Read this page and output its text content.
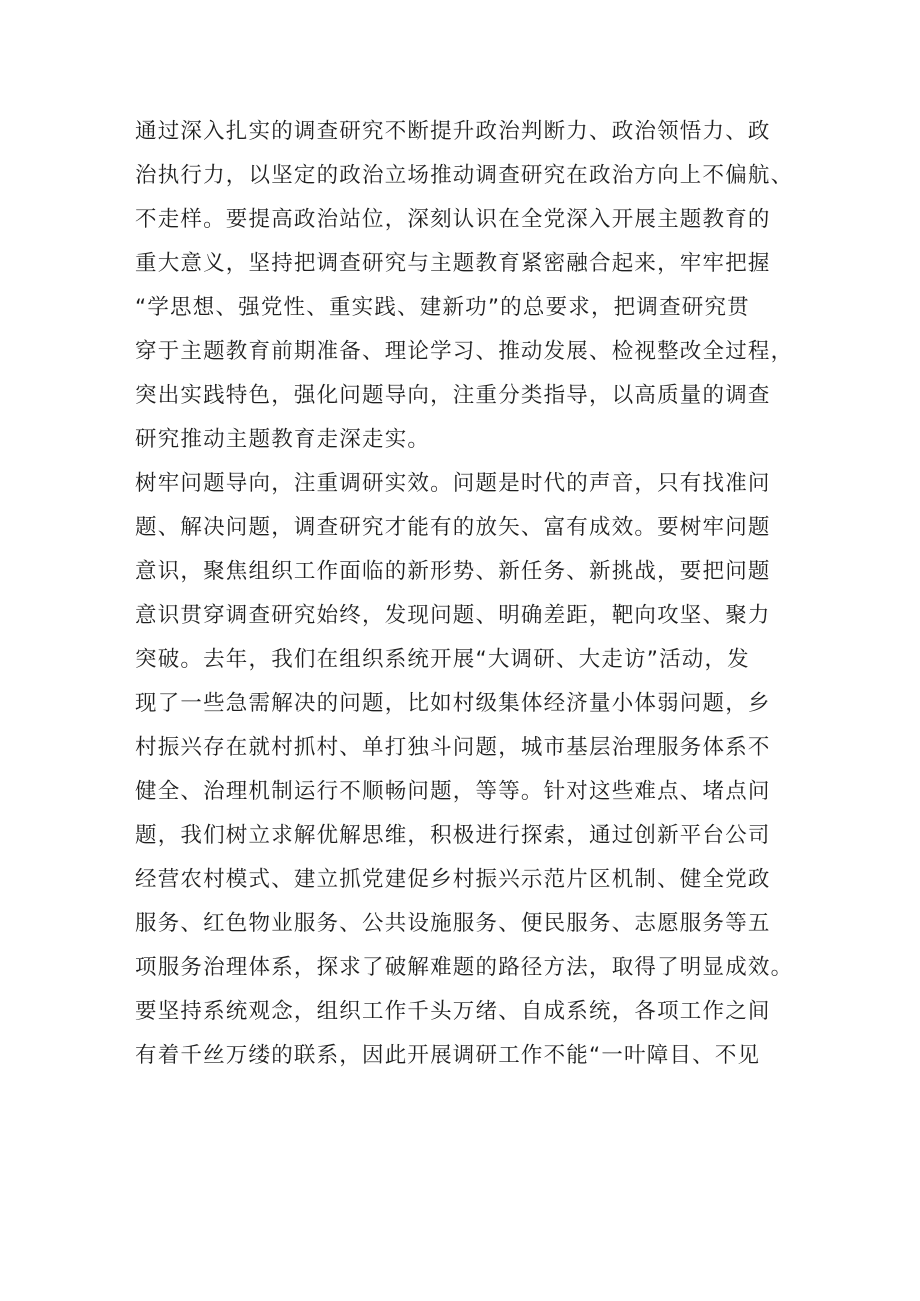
通过深入扎实的调查研究不断提升政治判断力、政治领悟力、政
治执行力，以坚定的政治立场推动调查研究在政治方向上不偏航、
不走样。要提高政治站位，深刻认识在全党深入开展主题教育的
重大意义，坚持把调查研究与主题教育紧密融合起来，牢牢把握
“学思想、强党性、重实践、建新功”的总要求，把调查研究贯
穿于主题教育前期准备、理论学习、推动发展、检视整改全过程，
突出实践特色，强化问题导向，注重分类指导，以高质量的调查
研究推动主题教育走深走实。
树牢问题导向，注重调研实效。问题是时代的声音，只有找准问
题、解决问题，调查研究才能有的放矢、富有成效。要树牢问题
意识，聚焦组织工作面临的新形势、新任务、新挑战，要把问题
意识贯穿调查研究始终，发现问题、明确差距，靶向攻坚、聚力
突破。去年，我们在组织系统开展“大调研、大走访”活动，发
现了一些急需解决的问题，比如村级集体经济量小体弱问题，乡
村振兴存在就村抓村、单打独斗问题，城市基层治理服务体系不
健全、治理机制运行不顺畅问题，等等。针对这些难点、堵点问
题，我们树立求解优解思维，积极进行探索，通过创新平台公司
经营农村模式、建立抓党建促乡村振兴示范片区机制、健全党政
服务、红色物业服务、公共设施服务、便民服务、志愿服务等五
项服务治理体系，探求了破解难题的路径方法，取得了明显成效。
要坚持系统观念，组织工作千头万绪、自成系统，各项工作之间
有着千丝万缕的联系，因此开展调研工作不能“一叶障目、不见
